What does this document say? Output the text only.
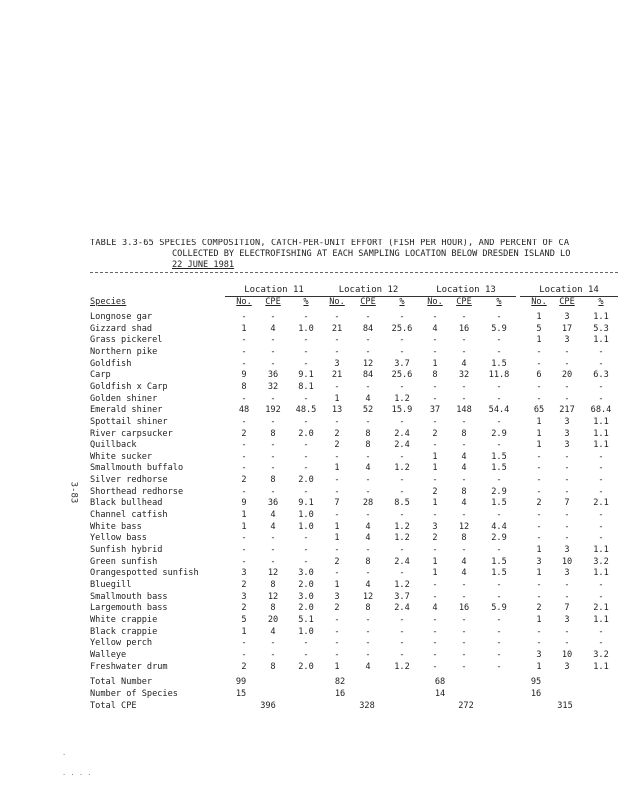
TABLE 3.3-65 SPECIES COMPOSITION, CATCH-PER-UNIT EFFORT (FISH PER HOUR), AND PERCENT OF CA
COLLECTED BY ELECTROFISHING AT EACH SAMPLING LOCATION BELOW DRESDEN ISLAND LO
22 JUNE 1981
3-83
Location 11	Location 12	Location 13	Location 14
Species	No.	CPE	%	No.	CPE	%	No.	CPE	%	No.	CPE	%
Longnose gar	-	-	-	-	-	-	-	-	-	1	3	1.1
Gizzard shad	1	4	1.0	21	84	25.6	4	16	5.9	5	17	5.3
Grass pickerel	-	-	-	-	-	-	-	-	-	1	3	1.1
Northern pike	-	-	-	-	-	-	-	-	-	-	-	-
Goldfish	-	-	-	3	12	3.7	1	4	1.5	-	-	-
Carp	9	36	9.1	21	84	25.6	8	32	11.8	6	20	6.3
Goldfish x Carp	8	32	8.1	-	-	-	-	-	-	-	-	-
Golden shiner	-	-	-	1	4	1.2	-	-	-	-	-	-
Emerald shiner	48	192	48.5	13	52	15.9	37	148	54.4	65	217	68.4
Spottail shiner	-	-	-	-	-	-	-	-	-	1	3	1.1
River carpsucker	2	8	2.0	2	8	2.4	2	8	2.9	1	3	1.1
Quillback	-	-	-	2	8	2.4	-	-	-	1	3	1.1
White sucker	-	-	-	-	-	-	1	4	1.5	-	-	-
Smallmouth buffalo	-	-	-	1	4	1.2	1	4	1.5	-	-	-
Silver redhorse	2	8	2.0	-	-	-	-	-	-	-	-	-
Shorthead redhorse	-	-	-	-	-	-	2	8	2.9	-	-	-
Black bullhead	9	36	9.1	7	28	8.5	1	4	1.5	2	7	2.1
Channel catfish	1	4	1.0	-	-	-	-	-	-	-	-	-
White bass	1	4	1.0	1	4	1.2	3	12	4.4	-	-	-
Yellow bass	-	-	-	1	4	1.2	2	8	2.9	-	-	-
Sunfish hybrid	-	-	-	-	-	-	-	-	-	1	3	1.1
Green sunfish	-	-	-	2	8	2.4	1	4	1.5	3	10	3.2
Orangespotted sunfish	3	12	3.0	-	-	-	1	4	1.5	1	3	1.1
Bluegill	2	8	2.0	1	4	1.2	-	-	-	-	-	-
Smallmouth bass	3	12	3.0	3	12	3.7	-	-	-	-	-	-
Largemouth bass	2	8	2.0	2	8	2.4	4	16	5.9	2	7	2.1
White crappie	5	20	5.1	-	-	-	-	-	-	1	3	1.1
Black crappie	1	4	1.0	-	-	-	-	-	-	-	-	-
Yellow perch	-	-	-	-	-	-	-	-	-	-	-	-
Walleye	-	-	-	-	-	-	-	-	-	3	10	3.2
Freshwater drum	2	8	2.0	1	4	1.2	-	-	-	1	3	1.1
Total Number	99	82	68	95
Number of Species	15	16	14	16
Total CPE	396	328	272	315
.
. . . .
